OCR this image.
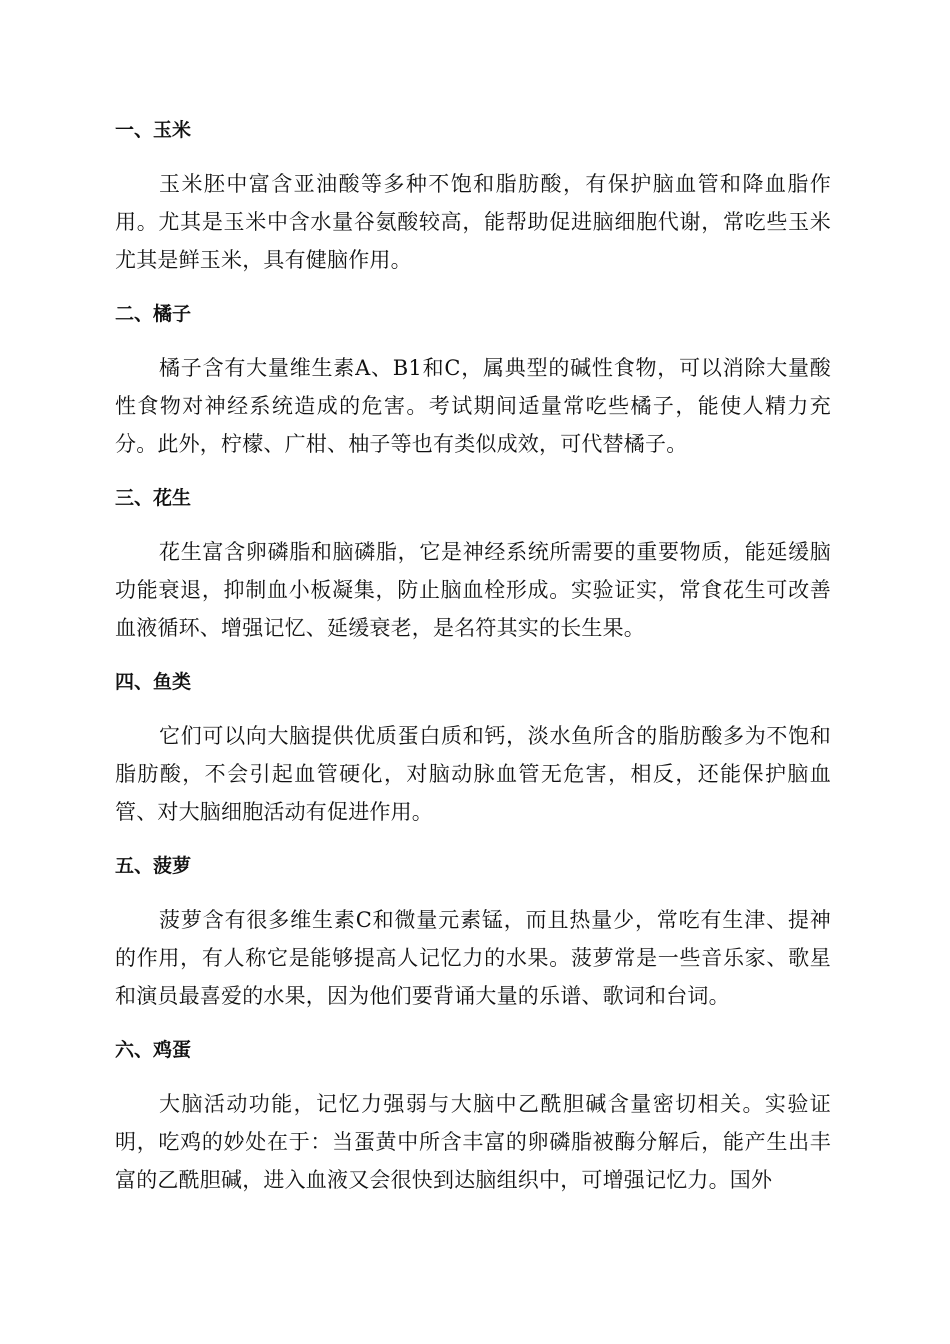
一、玉米

玉米胚中富含亚油酸等多种不饱和脂肪酸，有保护脑血管和降血脂作用。尤其是玉米中含水量谷氨酸较高，能帮助促进脑细胞代谢，常吃些玉米尤其是鲜玉米，具有健脑作用。

二、橘子

橘子含有大量维生素A、B1和C，属典型的碱性食物，可以消除大量酸性食物对神经系统造成的危害。考试期间适量常吃些橘子，能使人精力充分。此外，柠檬、广柑、柚子等也有类似成效，可代替橘子。

三、花生

花生富含卵磷脂和脑磷脂，它是神经系统所需要的重要物质，能延缓脑功能衰退，抑制血小板凝集，防止脑血栓形成。实验证实，常食花生可改善血液循环、增强记忆、延缓衰老，是名符其实的长生果。

四、鱼类

它们可以向大脑提供优质蛋白质和钙，淡水鱼所含的脂肪酸多为不饱和脂肪酸，不会引起血管硬化，对脑动脉血管无危害，相反，还能保护脑血管、对大脑细胞活动有促进作用。

五、菠萝

菠萝含有很多维生素C和微量元素锰，而且热量少，常吃有生津、提神的作用，有人称它是能够提高人记忆力的水果。菠萝常是一些音乐家、歌星和演员最喜爱的水果，因为他们要背诵大量的乐谱、歌词和台词。

六、鸡蛋

大脑活动功能，记忆力强弱与大脑中乙酰胆碱含量密切相关。实验证明，吃鸡的妙处在于：当蛋黄中所含丰富的卵磷脂被酶分解后，能产生出丰富的乙酰胆碱，进入血液又会很快到达脑组织中，可增强记忆力。国外
